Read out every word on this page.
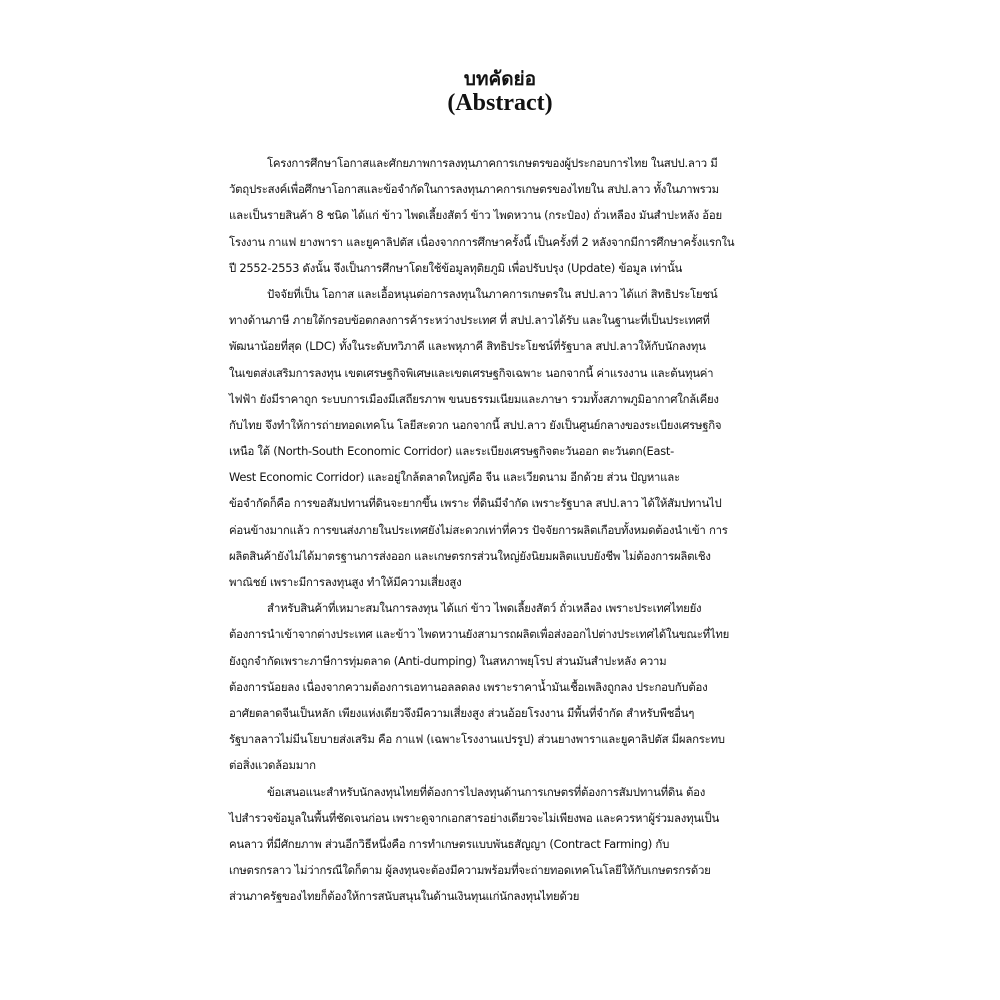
บทคัดย่อ
(Abstract)
โครงการศึกษาโอกาสและศักยภาพการลงทุนภาคการเกษตรของผู้ประกอบการไทย ในสปป.ลาว มี
วัตถุประสงค์เพื่อศึกษาโอกาสและข้อจำกัดในการลงทุนภาคการเกษตรของไทยใน สปป.ลาว ทั้งในภาพรวม
และเป็นรายสินค้า 8 ชนิด ได้แก่ ข้าว ไพดเลี้ยงสัตว์ ข้าว ไพดหวาน (กระป๋อง) ถั่วเหลือง มันสำปะหลัง อ้อย
โรงงาน กาแฟ ยางพารา และยูคาลิปตัส เนื่องจากการศึกษาครั้งนี้ เป็นครั้งที่ 2 หลังจากมีการศึกษาครั้งแรกใน
ปี 2552-2553 ดังนั้น จึงเป็นการศึกษาโดยใช้ข้อมูลทุติยภูมิ เพื่อปรับปรุง (Update) ข้อมูล เท่านั้น
ปัจจัยที่เป็น โอกาส และเอื้อหนุนต่อการลงทุนในภาคการเกษตรใน สปป.ลาว ได้แก่ สิทธิประโยชน์
ทางด้านภาษี ภายใต้กรอบข้อตกลงการค้าระหว่างประเทศ ที่ สปป.ลาวได้รับ และในฐานะที่เป็นประเทศที่
พัฒนาน้อยที่สุด (LDC) ทั้งในระดับทวิภาคี และพหุภาคี สิทธิประโยชน์ที่รัฐบาล สปป.ลาวให้กับนักลงทุน
ในเขตส่งเสริมการลงทุน เขตเศรษฐกิจพิเศษและเขตเศรษฐกิจเฉพาะ นอกจากนี้ ค่าแรงงาน และต้นทุนค่า
ไฟฟ้า ยังมีราคาถูก ระบบการเมืองมีเสถียรภาพ ขนบธรรมเนียมและภาษา รวมทั้งสภาพภูมิอากาศใกล้เคียง
กับไทย จึงทำให้การถ่ายทอดเทคโน โลยีสะดวก นอกจากนี้ สปป.ลาว ยังเป็นศูนย์กลางของระเบียงเศรษฐกิจ
เหนือ ใต้ (North-South Economic Corridor) และระเบียงเศรษฐกิจตะวันออก ตะวันตก(East-
West Economic Corridor) และอยู่ใกล้ตลาดใหญ่คือ จีน และเวียดนาม อีกด้วย ส่วน ปัญหาและ
ข้อจำกัดก็คือ การขอสัมปทานที่ดินจะยากขึ้น เพราะ ที่ดินมีจำกัด เพราะรัฐบาล สปป.ลาว ได้ให้สัมปทานไป
ค่อนข้างมากแล้ว การขนส่งภายในประเทศยังไม่สะดวกเท่าที่ควร ปัจจัยการผลิตเกือบทั้งหมดต้องนำเข้า การ
ผลิตสินค้ายังไม่ได้มาตรฐานการส่งออก และเกษตรกรส่วนใหญ่ยังนิยมผลิตแบบยังชีพ ไม่ต้องการผลิตเชิง
พาณิชย์ เพราะมีการลงทุนสูง ทำให้มีความเสี่ยงสูง
สำหรับสินค้าที่เหมาะสมในการลงทุน ได้แก่ ข้าว ไพดเลี้ยงสัตว์ ถั่วเหลือง เพราะประเทศไทยยัง
ต้องการนำเข้าจากต่างประเทศ และข้าว ไพดหวานยังสามารถผลิตเพื่อส่งออกไปต่างประเทศได้ในขณะที่ไทย
ยังถูกจำกัดเพราะภาษีการทุ่มตลาด (Anti-dumping) ในสหภาพยุโรป ส่วนมันสำปะหลัง ความ
ต้องการน้อยลง เนื่องจากความต้องการเอทานอลลดลง เพราะราคาน้ำมันเชื้อเพลิงถูกลง ประกอบกับต้อง
อาศัยตลาดจีนเป็นหลัก เพียงแห่งเดียวจึงมีความเสี่ยงสูง ส่วนอ้อยโรงงาน มีพื้นที่จำกัด สำหรับพืชอื่นๆ
รัฐบาลลาวไม่มีนโยบายส่งเสริม คือ กาแฟ (เฉพาะโรงงานแปรรูป) ส่วนยางพาราและยูคาลิปตัส มีผลกระทบ
ต่อสิ่งแวดล้อมมาก
ข้อเสนอแนะสำหรับนักลงทุนไทยที่ต้องการไปลงทุนด้านการเกษตรที่ต้องการสัมปทานที่ดิน ต้อง
ไปสำรวจข้อมูลในพื้นที่ชัดเจนก่อน เพราะดูจากเอกสารอย่างเดียวจะไม่เพียงพอ และควรหาผู้ร่วมลงทุนเป็น
คนลาว ที่มีศักยภาพ ส่วนอีกวิธีหนึ่งคือ การทำเกษตรแบบพันธสัญญา (Contract Farming) กับ
เกษตรกรลาว ไม่ว่ากรณีใดก็ตาม ผู้ลงทุนจะต้องมีความพร้อมที่จะถ่ายทอดเทคโนโลยีให้กับเกษตรกรด้วย
ส่วนภาครัฐของไทยก็ต้องให้การสนับสนุนในด้านเงินทุนแก่นักลงทุนไทยด้วย
